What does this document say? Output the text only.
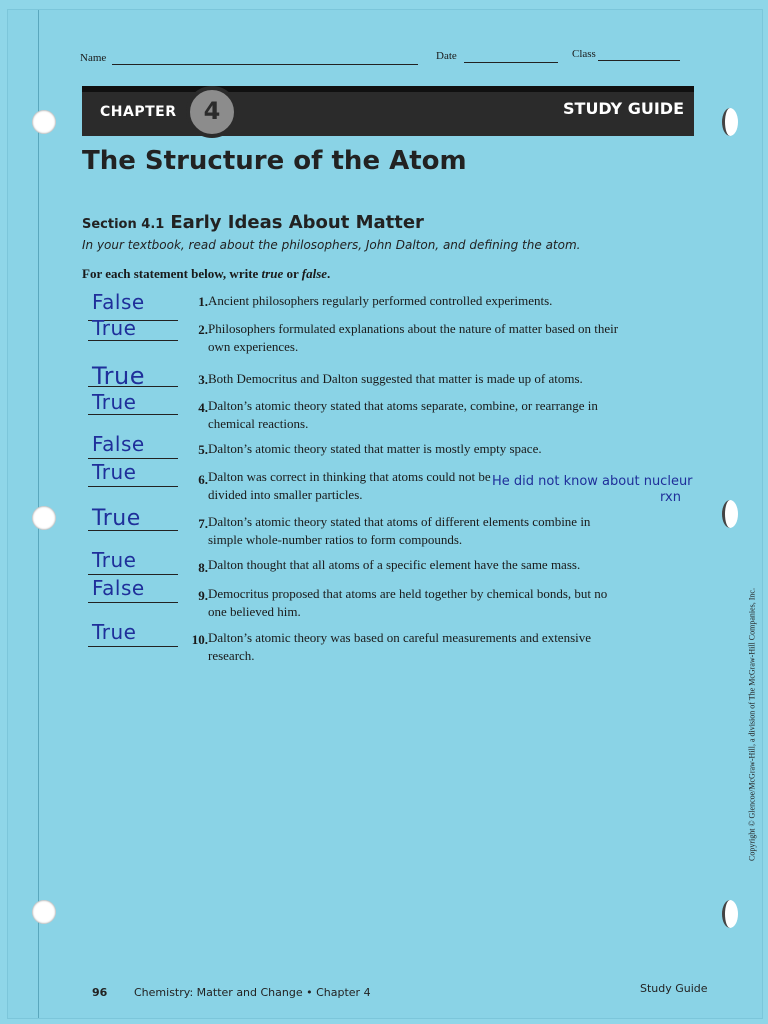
Name	Date	Class
CHAPTER	4	STUDY GUIDE
The Structure of the Atom
Section 4.1 Early Ideas About Matter
In your textbook, read about the philosophers, John Dalton, and defining the atom.
For each statement below, write true or false.
False	1. Ancient philosophers regularly performed controlled experiments.
True	2. Philosophers formulated explanations about the nature of matter based on their own experiences.
True	3. Both Democritus and Dalton suggested that matter is made up of atoms.
True	4. Dalton’s atomic theory stated that atoms separate, combine, or rearrange in chemical reactions.
False	5. Dalton’s atomic theory stated that matter is mostly empty space.
True	6. Dalton was correct in thinking that atoms could not be divided into smaller particles.
True	7. Dalton’s atomic theory stated that atoms of different elements combine in simple whole-number ratios to form compounds.
True	8. Dalton thought that all atoms of a specific element have the same mass.
False	9. Democritus proposed that atoms are held together by chemical bonds, but no one believed him.
True	10. Dalton’s atomic theory was based on careful measurements and extensive research.
He did not know about nucleur
rxn
Copyright © Glencoe/McGraw-Hill, a division of The McGraw-Hill Companies, Inc.
96 Chemistry: Matter and Change • Chapter 4	Study Guide
